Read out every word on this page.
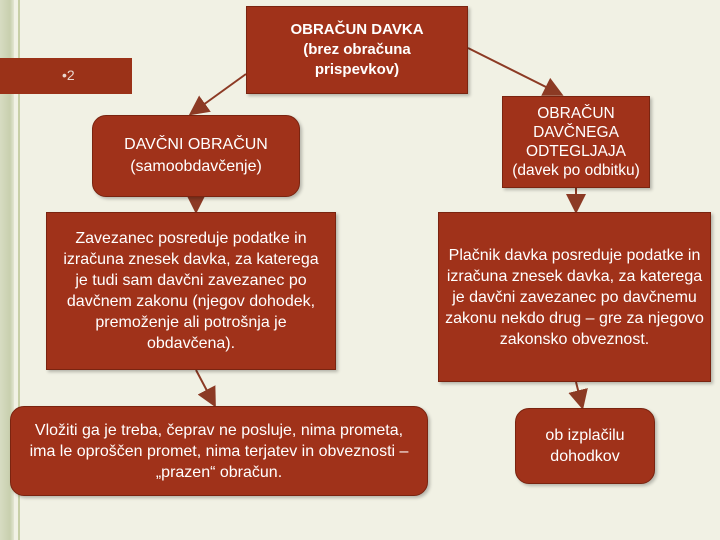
•2
OBRAČUN DAVKA
(brez obračuna
prispevkov)
DAVČNI OBRAČUN
(samoobdavčenje)
OBRAČUN
DAVČNEGA
ODTEGLJAJA
(davek po odbitku)
Zavezanec posreduje podatke in izračuna znesek davka, za katerega je tudi sam davčni zavezanec po davčnem zakonu (njegov dohodek, premoženje ali potrošnja je obdavčena).
Plačnik davka posreduje podatke in izračuna znesek davka, za katerega je davčni zavezanec po davčnemu zakonu nekdo drug – gre za njegovo zakonsko obveznost.
Vložiti ga je treba, čeprav ne posluje, nima prometa, ima le oproščen promet, nima terjatev in obveznosti – „prazen“ obračun.
ob izplačilu
dohodkov
